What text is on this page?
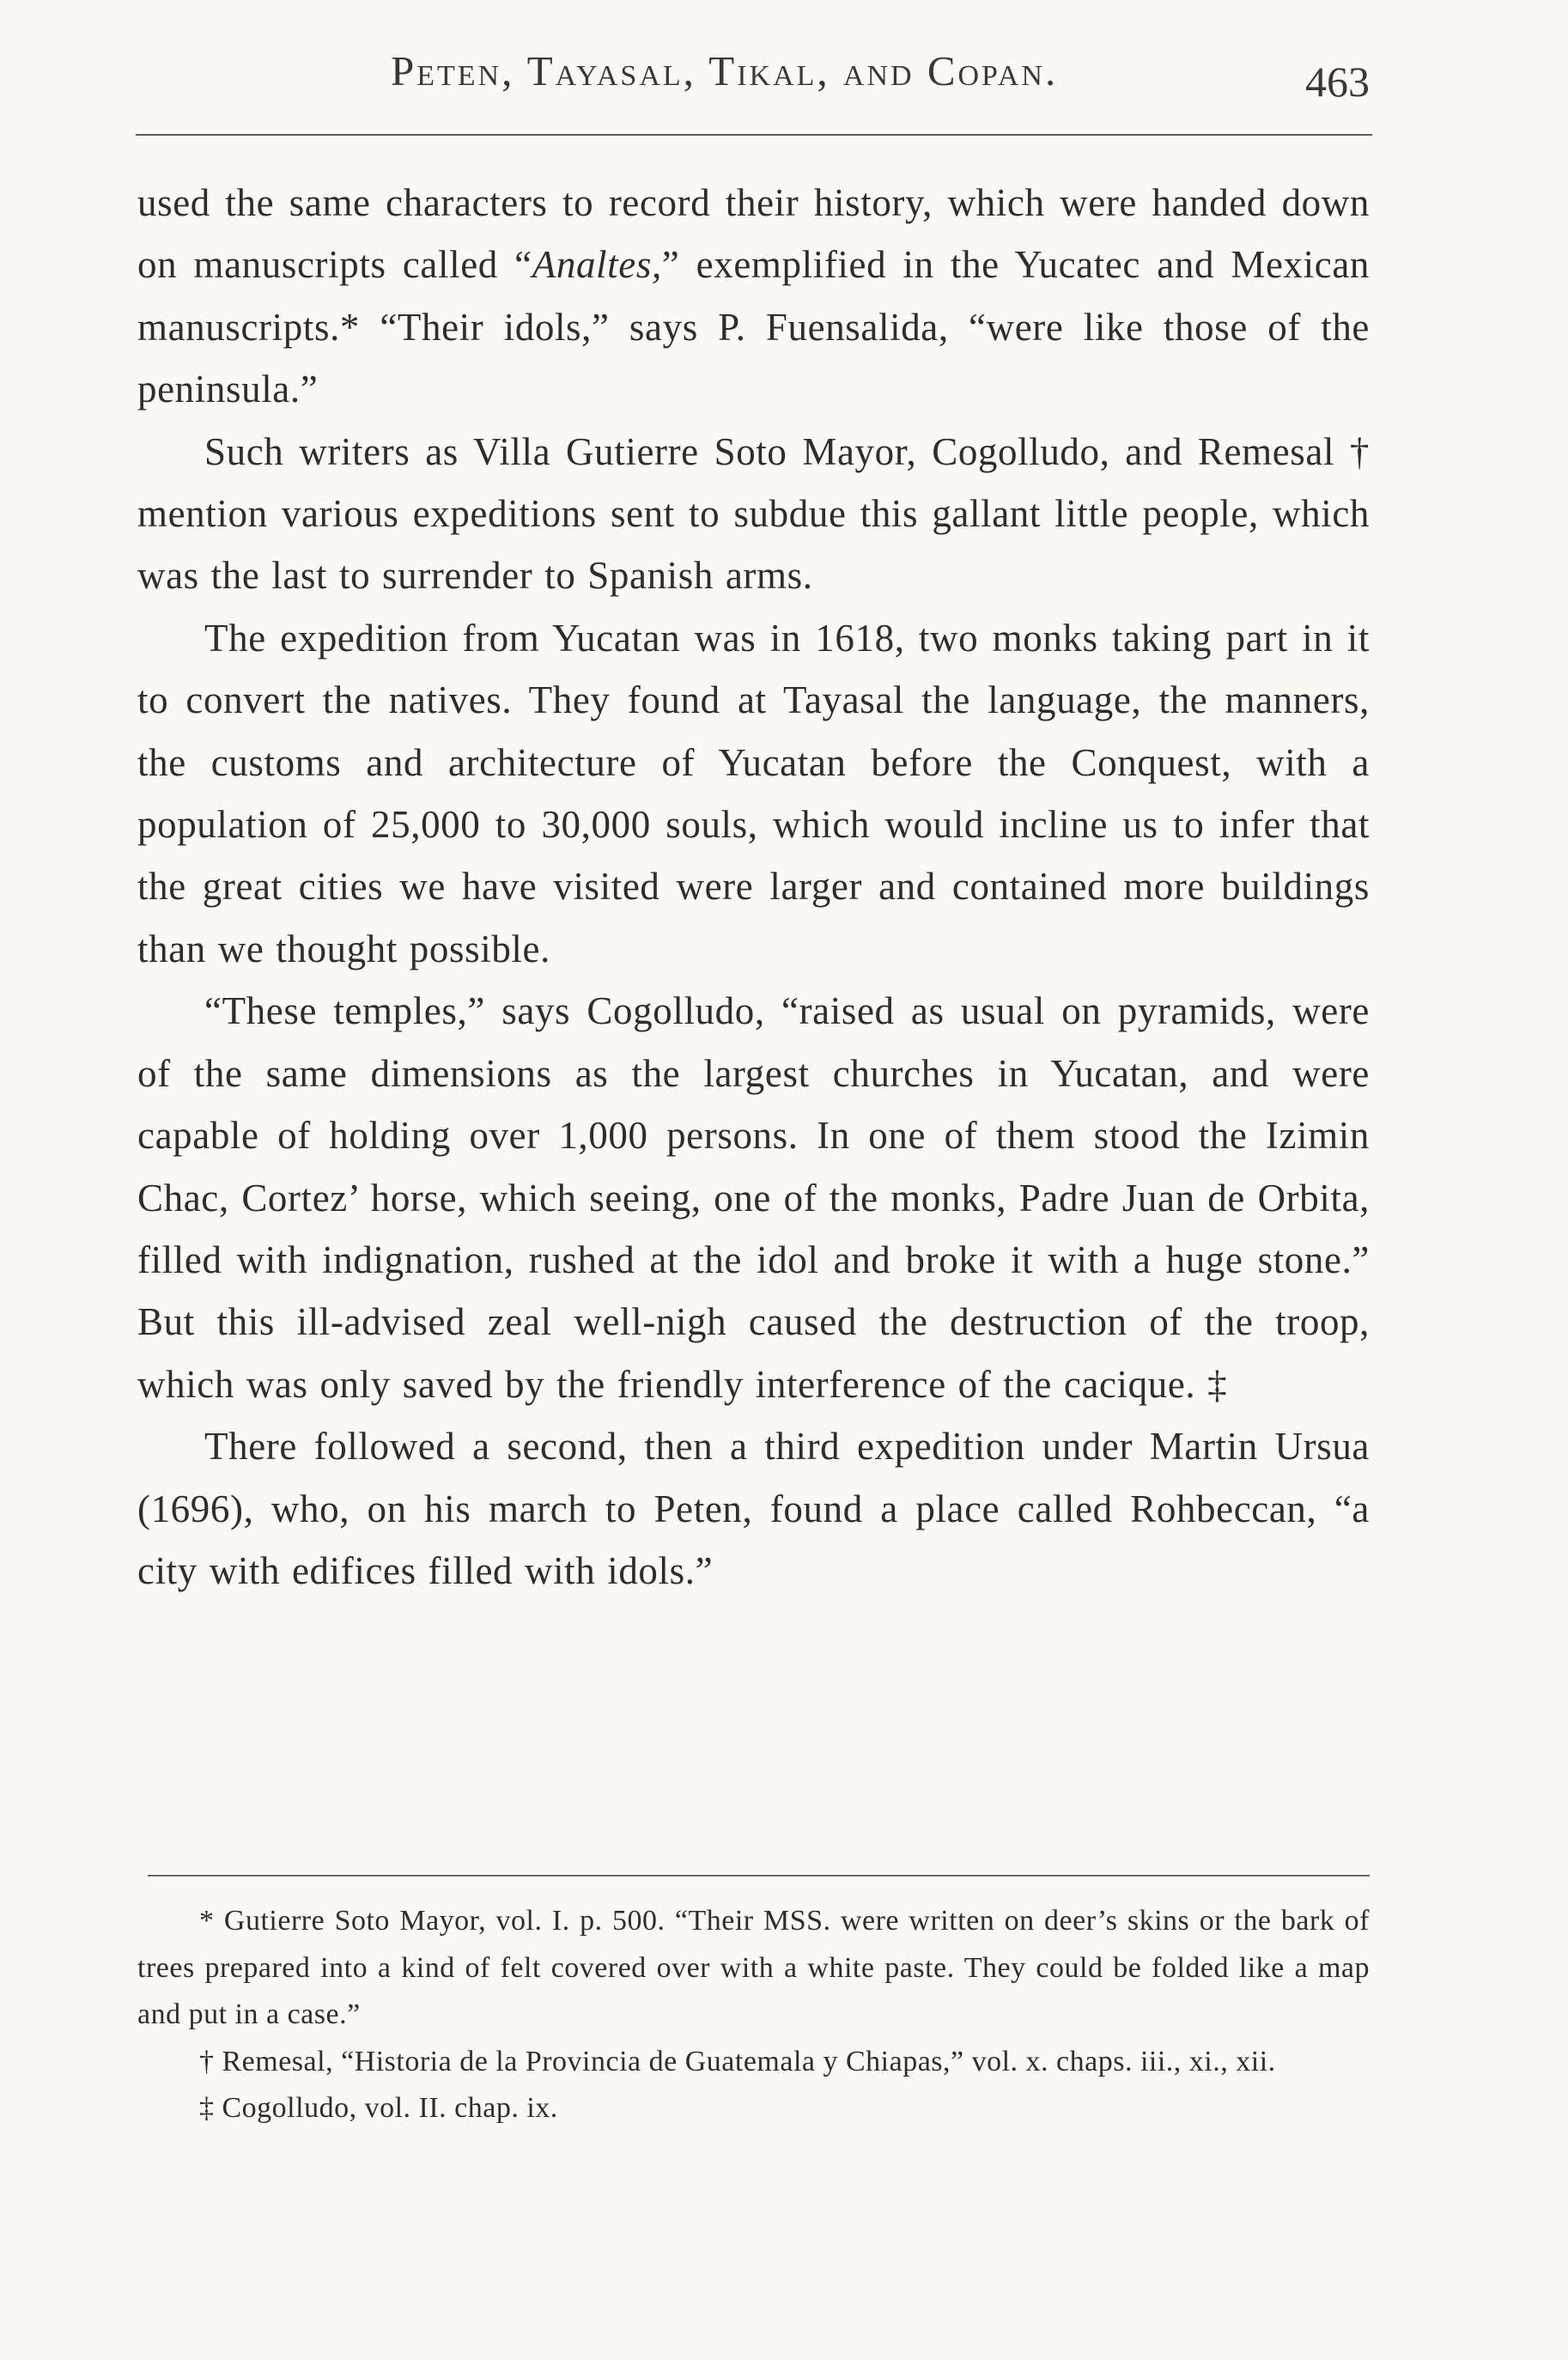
Peten, Tayasal, Tikal, and Copan.	463

used the same characters to record their history, which were handed down on manuscripts called “Analtes,” exemplified in the Yucatec and Mexican manuscripts.* “Their idols,” says P. Fuensalida, “were like those of the peninsula.”

Such writers as Villa Gutierre Soto Mayor, Cogolludo, and Remesal † mention various expeditions sent to subdue this gallant little people, which was the last to surrender to Spanish arms.

The expedition from Yucatan was in 1618, two monks taking part in it to convert the natives. They found at Tayasal the language, the manners, the customs and architecture of Yucatan before the Conquest, with a population of 25,000 to 30,000 souls, which would incline us to infer that the great cities we have visited were larger and contained more buildings than we thought possible.

“These temples,” says Cogolludo, “raised as usual on pyramids, were of the same dimensions as the largest churches in Yucatan, and were capable of holding over 1,000 persons. In one of them stood the Izimin Chac, Cortez’ horse, which seeing, one of the monks, Padre Juan de Orbita, filled with indignation, rushed at the idol and broke it with a huge stone.” But this ill-advised zeal well-nigh caused the destruction of the troop, which was only saved by the friendly interference of the cacique. ‡

There followed a second, then a third expedition under Martin Ursua (1696), who, on his march to Peten, found a place called Rohbeccan, “a city with edifices filled with idols.”

* Gutierre Soto Mayor, vol. I. p. 500. “Their MSS. were written on deer’s skins or the bark of trees prepared into a kind of felt covered over with a white paste. They could be folded like a map and put in a case.”

† Remesal, “Historia de la Provincia de Guatemala y Chiapas,” vol. x. chaps. iii., xi., xii.

‡ Cogolludo, vol. II. chap. ix.
